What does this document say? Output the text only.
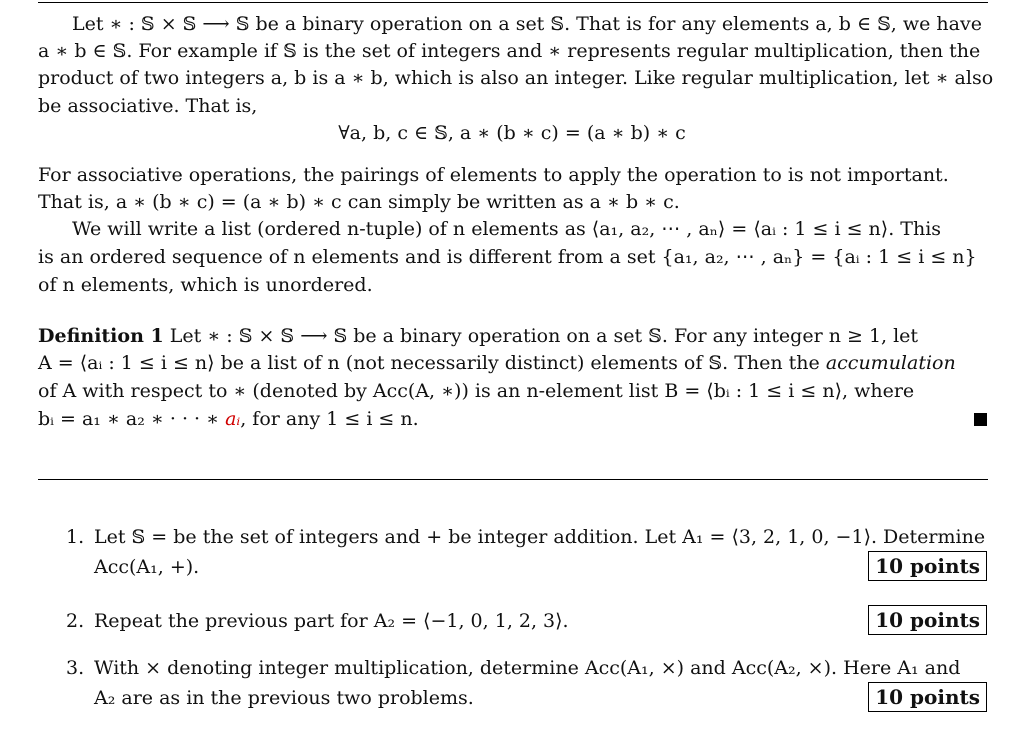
Let ∗ : 𝕊 × 𝕊 ⟶ 𝕊 be a binary operation on a set 𝕊. That is for any elements a, b ∈ 𝕊, we have
a ∗ b ∈ 𝕊. For example if 𝕊 is the set of integers and ∗ represents regular multiplication, then the
product of two integers a, b is a ∗ b, which is also an integer. Like regular multiplication, let ∗ also
be associative. That is,
∀a, b, c ∈ 𝕊, a ∗ (b ∗ c) = (a ∗ b) ∗ c
For associative operations, the pairings of elements to apply the operation to is not important.
That is, a ∗ (b ∗ c) = (a ∗ b) ∗ c can simply be written as a ∗ b ∗ c.
We will write a list (ordered n-tuple) of n elements as ⟨a₁, a₂, ⋯ , aₙ⟩ = ⟨aᵢ : 1 ≤ i ≤ n⟩. This
is an ordered sequence of n elements and is different from a set {a₁, a₂, ⋯ , aₙ} = {aᵢ : 1 ≤ i ≤ n}
of n elements, which is unordered.
Definition 1 Let ∗ : 𝕊 × 𝕊 ⟶ 𝕊 be a binary operation on a set 𝕊. For any integer n ≥ 1, let
A = ⟨aᵢ : 1 ≤ i ≤ n⟩ be a list of n (not necessarily distinct) elements of 𝕊. Then the accumulation
of A with respect to ∗ (denoted by Acc(A, ∗)) is an n-element list B = ⟨bᵢ : 1 ≤ i ≤ n⟩, where
bᵢ = a₁ ∗ a₂ ∗ · · · ∗ aᵢ, for any 1 ≤ i ≤ n.
1. Let 𝕊 = be the set of integers and + be integer addition. Let A₁ = ⟨3, 2, 1, 0, −1⟩. Determine
Acc(A₁, +).	10 points
2. Repeat the previous part for A₂ = ⟨−1, 0, 1, 2, 3⟩.	10 points
3. With × denoting integer multiplication, determine Acc(A₁, ×) and Acc(A₂, ×). Here A₁ and
A₂ are as in the previous two problems.	10 points
